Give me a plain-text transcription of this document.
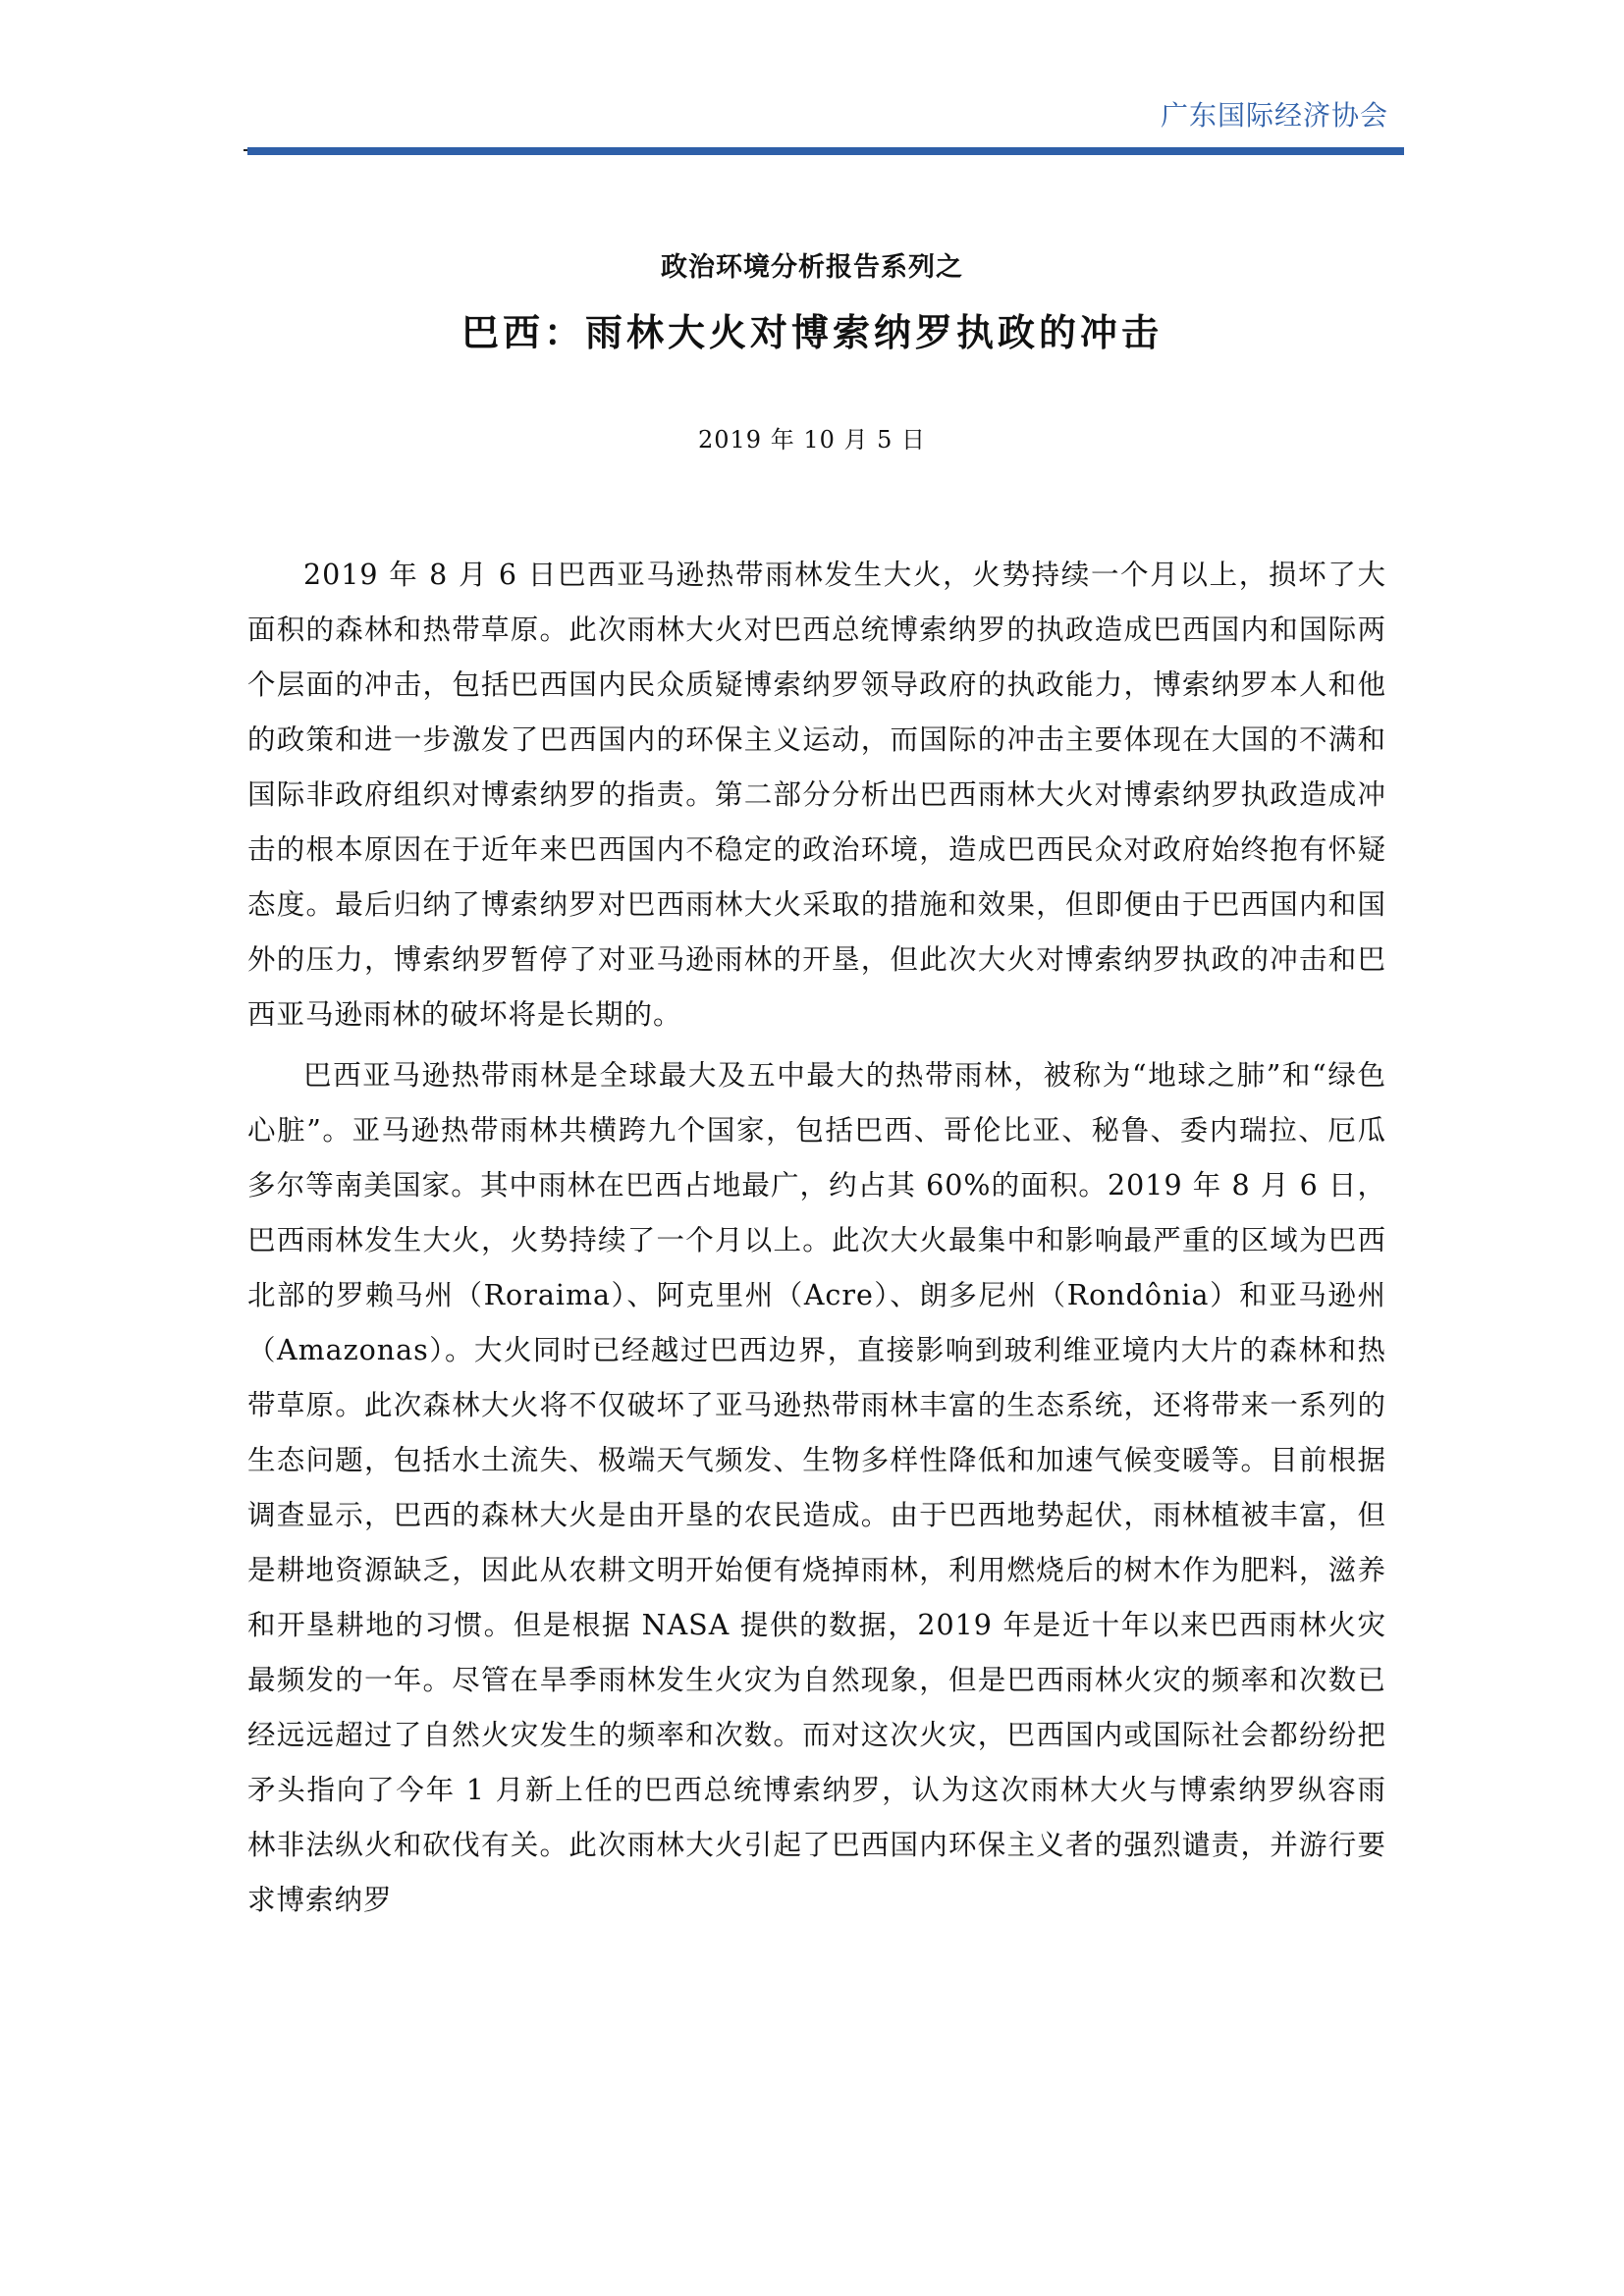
广东国际经济协会
政治环境分析报告系列之
巴西：雨林大火对博索纳罗执政的冲击
2019 年 10 月 5 日

2019 年 8 月 6 日巴西亚马逊热带雨林发生大火，火势持续一个月以上，损坏了大面积的森林和热带草原。此次雨林大火对巴西总统博索纳罗的执政造成巴西国内和国际两个层面的冲击，包括巴西国内民众质疑博索纳罗领导政府的执政能力，博索纳罗本人和他的政策和进一步激发了巴西国内的环保主义运动，而国际的冲击主要体现在大国的不满和国际非政府组织对博索纳罗的指责。第二部分分析出巴西雨林大火对博索纳罗执政造成冲击的根本原因在于近年来巴西国内不稳定的政治环境，造成巴西民众对政府始终抱有怀疑态度。最后归纳了博索纳罗对巴西雨林大火采取的措施和效果，但即便由于巴西国内和国外的压力，博索纳罗暂停了对亚马逊雨林的开垦，但此次大火对博索纳罗执政的冲击和巴西亚马逊雨林的破坏将是长期的。

巴西亚马逊热带雨林是全球最大及五中最大的热带雨林，被称为“地球之肺”和“绿色心脏”。亚马逊热带雨林共横跨九个国家，包括巴西、哥伦比亚、秘鲁、委内瑞拉、厄瓜多尔等南美国家。其中雨林在巴西占地最广，约占其 60%的面积。2019 年 8 月 6 日，巴西雨林发生大火，火势持续了一个月以上。此次大火最集中和影响最严重的区域为巴西北部的罗赖马州（Roraima）、阿克里州（Acre）、朗多尼州（Rondônia）和亚马逊州（Amazonas）。大火同时已经越过巴西边界，直接影响到玻利维亚境内大片的森林和热带草原。此次森林大火将不仅破坏了亚马逊热带雨林丰富的生态系统，还将带来一系列的生态问题，包括水土流失、极端天气频发、生物多样性降低和加速气候变暖等。目前根据调查显示，巴西的森林大火是由开垦的农民造成。由于巴西地势起伏，雨林植被丰富，但是耕地资源缺乏，因此从农耕文明开始便有烧掉雨林，利用燃烧后的树木作为肥料，滋养和开垦耕地的习惯。但是根据 NASA 提供的数据，2019 年是近十年以来巴西雨林火灾最频发的一年。尽管在旱季雨林发生火灾为自然现象，但是巴西雨林火灾的频率和次数已经远远超过了自然火灾发生的频率和次数。而对这次火灾，巴西国内或国际社会都纷纷把矛头指向了今年 1 月新上任的巴西总统博索纳罗，认为这次雨林大火与博索纳罗纵容雨林非法纵火和砍伐有关。此次雨林大火引起了巴西国内环保主义者的强烈谴责，并游行要求博索纳罗
